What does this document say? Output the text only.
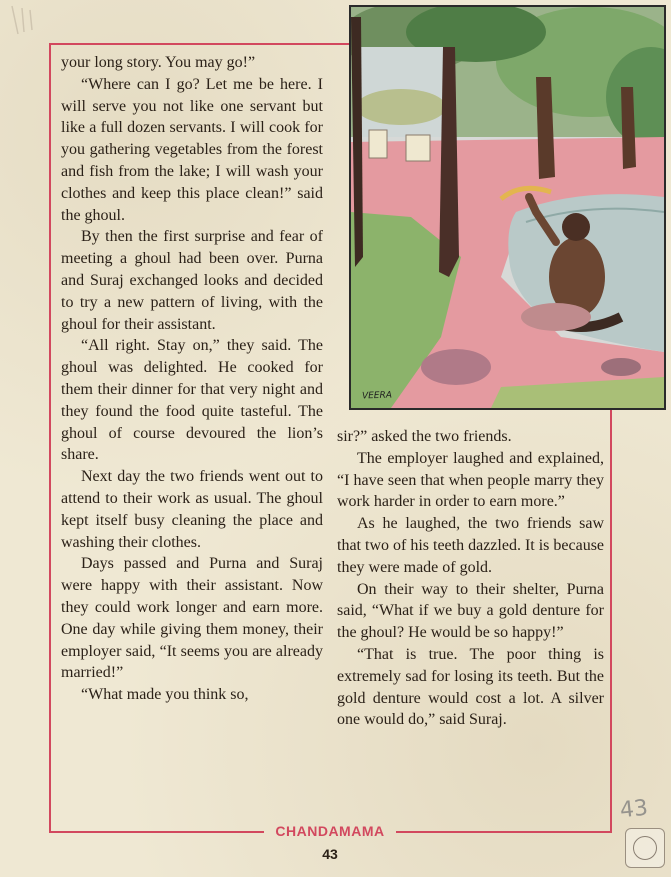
VEERA

your long story. You may go!”

“Where can I go? Let me be here. I will serve you not like one servant but like a full dozen servants. I will cook for you gathering vegetables from the forest and fish from the lake; I will wash your clothes and keep this place clean!” said the ghoul.

By then the first surprise and fear of meeting a ghoul had been over. Purna and Suraj exchanged looks and decided to try a new pattern of living, with the ghoul for their assistant.

“All right. Stay on,” they said. The ghoul was delighted. He cooked for them their dinner for that very night and they found the food quite tasteful. The ghoul of course devoured the lion’s share.

Next day the two friends went out to attend to their work as usual. The ghoul kept itself busy cleaning the place and washing their clothes.

Days passed and Purna and Suraj were happy with their assistant. Now they could work longer and earn more. One day while giving them money, their employer said, “It seems you are already married!”

“What made you think so,

sir?” asked the two friends.

The employer laughed and explained, “I have seen that when people marry they work harder in order to earn more.”

As he laughed, the two friends saw that two of his teeth dazzled. It is because they were made of gold.

On their way to their shelter, Purna said, “What if we buy a gold denture for the ghoul? He would be so happy!”

“That is true. The poor thing is extremely sad for losing its teeth. But the gold denture would cost a lot. A silver one would do,” said Suraj.

CHANDAMAMA
43
43
